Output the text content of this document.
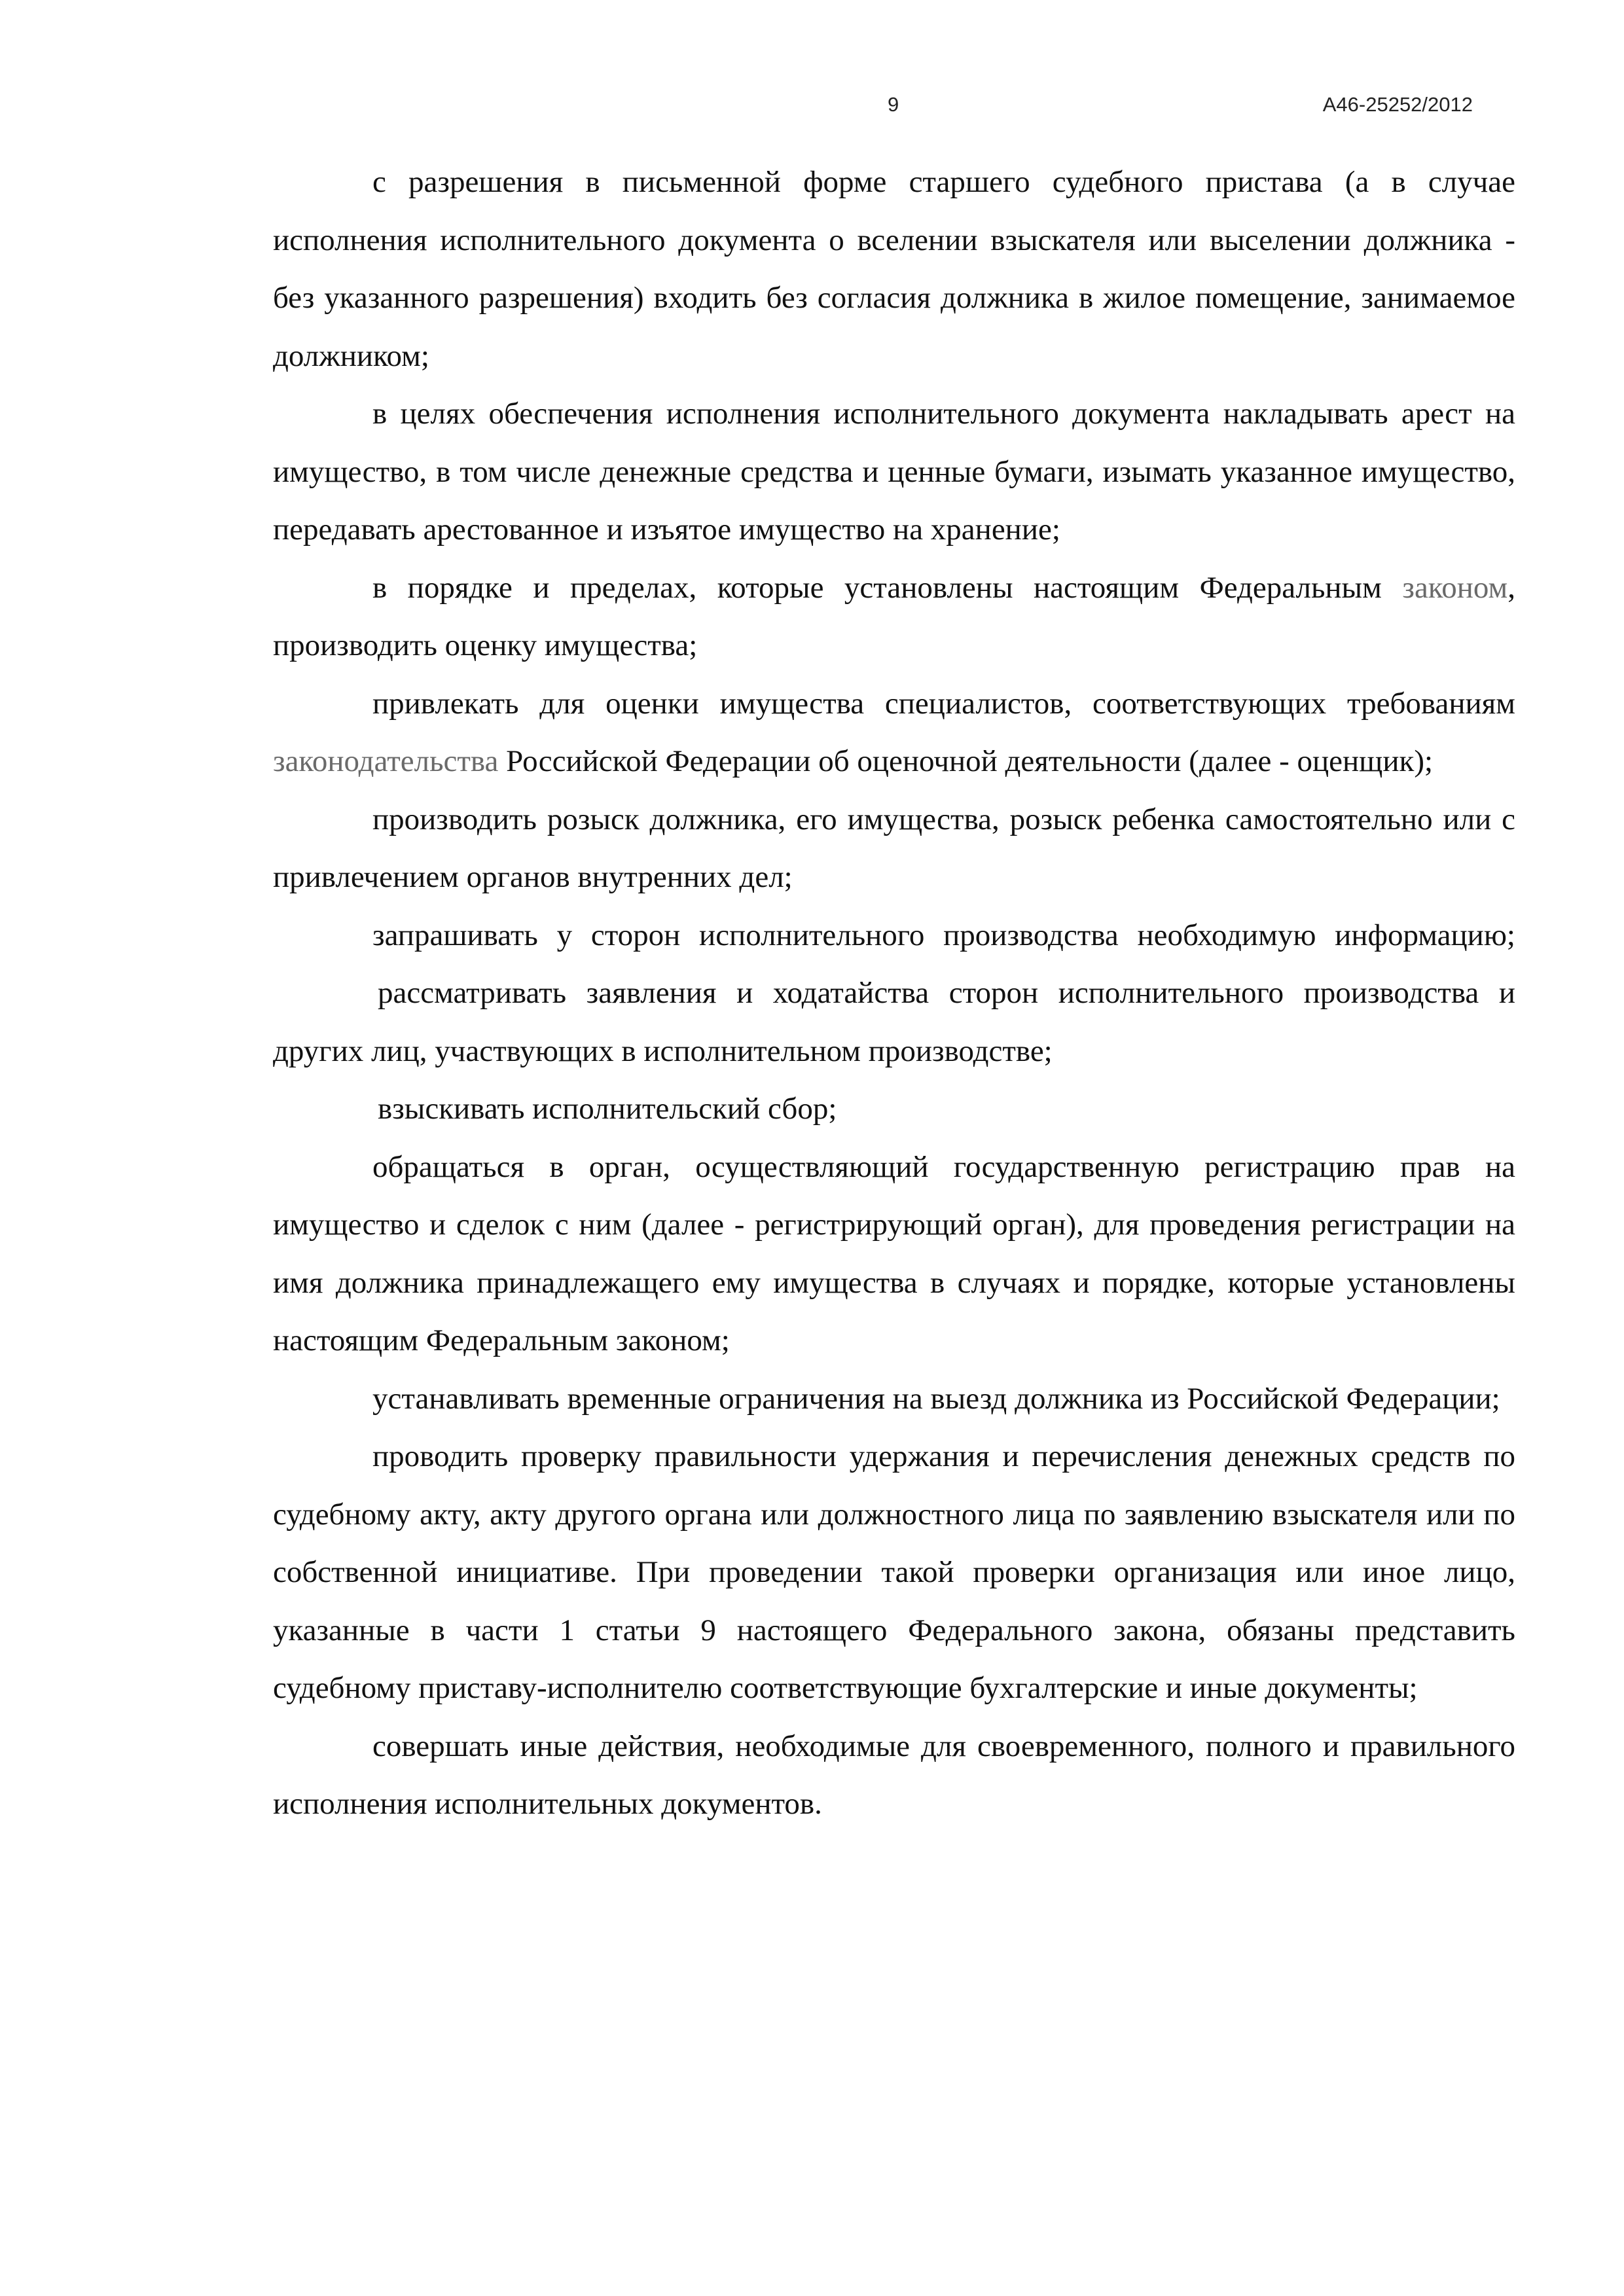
9	А46-25252/2012

с разрешения в письменной форме старшего судебного пристава (а в случае исполнения исполнительного документа о вселении взыскателя или выселении должника - без указанного разрешения) входить без согласия должника в жилое помещение, занимаемое должником;

в целях обеспечения исполнения исполнительного документа накладывать арест на имущество, в том числе денежные средства и ценные бумаги, изымать указанное имущество, передавать арестованное и изъятое имущество на хранение;

в порядке и пределах, которые установлены настоящим Федеральным законом, производить оценку имущества;

привлекать для оценки имущества специалистов, соответствующих требованиям законодательства Российской Федерации об оценочной деятельности (далее - оценщик);

производить розыск должника, его имущества, розыск ребенка самостоятельно или с привлечением органов внутренних дел;

запрашивать у сторон исполнительного производства необходимую информацию;

рассматривать заявления и ходатайства сторон исполнительного производства и других лиц, участвующих в исполнительном производстве;

взыскивать исполнительский сбор;

обращаться в орган, осуществляющий государственную регистрацию прав на имущество и сделок с ним (далее - регистрирующий орган), для проведения регистрации на имя должника принадлежащего ему имущества в случаях и порядке, которые установлены настоящим Федеральным законом;

устанавливать временные ограничения на выезд должника из Российской Федерации;

проводить проверку правильности удержания и перечисления денежных средств по судебному акту, акту другого органа или должностного лица по заявлению взыскателя или по собственной инициативе. При проведении такой проверки организация или иное лицо, указанные в части 1 статьи 9 настоящего Федерального закона, обязаны представить судебному приставу-исполнителю соответствующие бухгалтерские и иные документы;

совершать иные действия, необходимые для своевременного, полного и правильного исполнения исполнительных документов.
